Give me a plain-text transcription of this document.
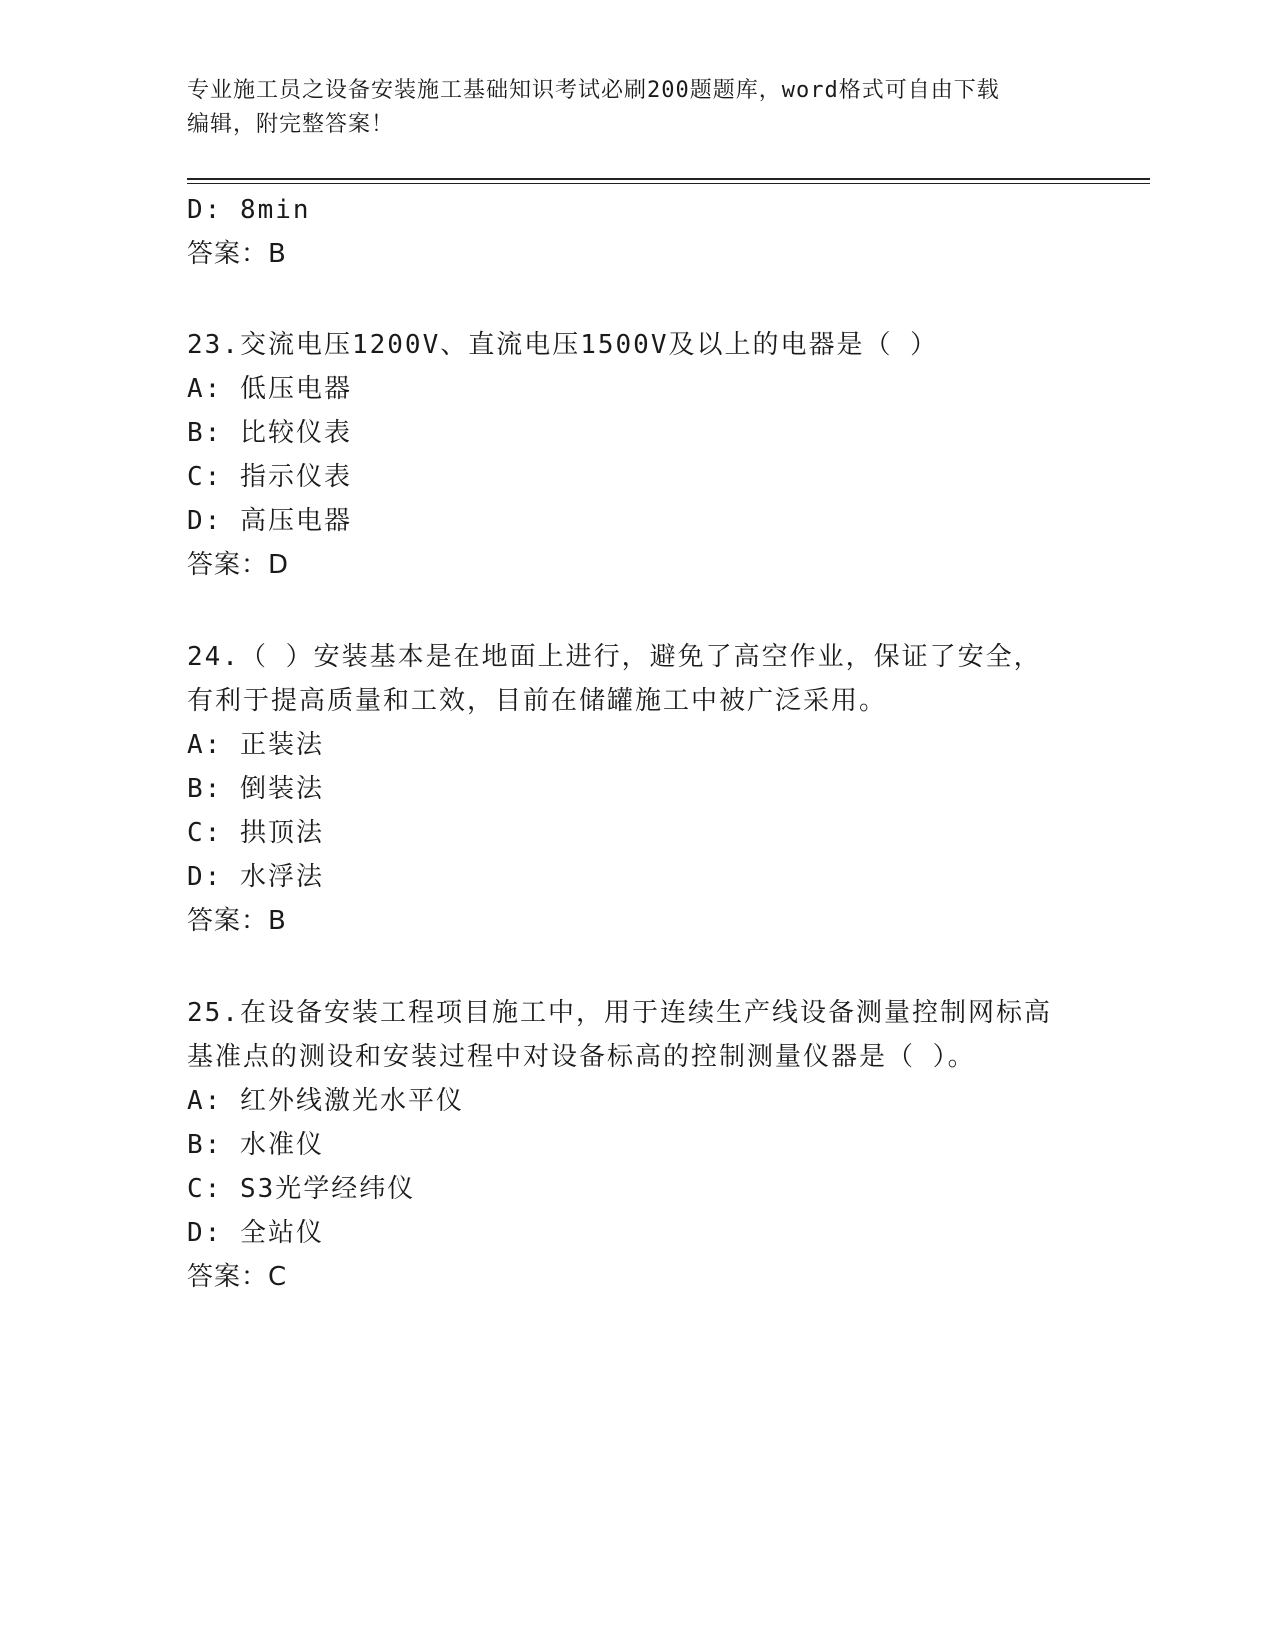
专业施工员之设备安装施工基础知识考试必刷200题题库，word格式可自由下载
编辑，附完整答案！
D: 8min
答案：B
23.交流电压1200V、直流电压1500V及以上的电器是（ ）
A: 低压电器
B: 比较仪表
C: 指示仪表
D: 高压电器
答案：D
24.（ ）安装基本是在地面上进行，避免了高空作业，保证了安全，
有利于提高质量和工效，目前在储罐施工中被广泛采用。
A: 正装法
B: 倒装法
C: 拱顶法
D: 水浮法
答案：B
25.在设备安装工程项目施工中，用于连续生产线设备测量控制网标高
基准点的测设和安装过程中对设备标高的控制测量仪器是（ ）。
A: 红外线激光水平仪
B: 水准仪
C: S3光学经纬仪
D: 全站仪
答案：C
